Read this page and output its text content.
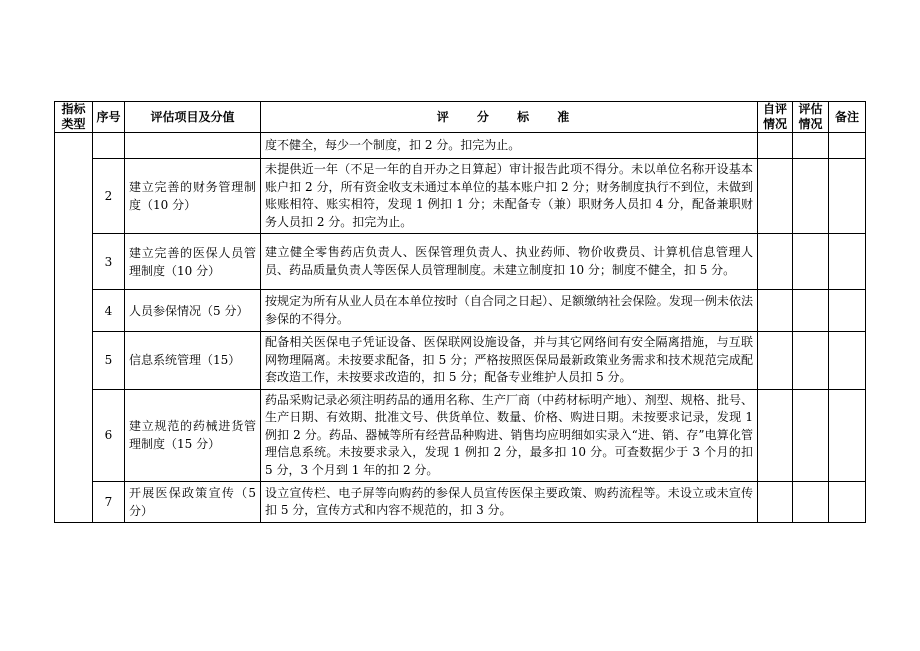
指标类型	序号	评估项目及分值	评 分 标 准	自评情况	评估情况	备注
			度不健全，每少一个制度，扣 2 分。扣完为止。			
	2	建立完善的财务管理制度（10 分）	未提供近一年（不足一年的自开办之日算起）审计报告此项不得分。未以单位名称开设基本账户扣 2 分，所有资金收支未通过本单位的基本账户扣 2 分；财务制度执行不到位，未做到账账相符、账实相符，发现 1 例扣 1 分；未配备专（兼）职财务人员扣 4 分，配备兼职财务人员扣 2 分。扣完为止。			
	3	建立完善的医保人员管理制度（10 分）	建立健全零售药店负责人、医保管理负责人、执业药师、物价收费员、计算机信息管理人员、药品质量负责人等医保人员管理制度。未建立制度扣 10 分；制度不健全，扣 5 分。			
	4	人员参保情况（5 分）	按规定为所有从业人员在本单位按时（自合同之日起）、足额缴纳社会保险。发现一例未依法参保的不得分。			
	5	信息系统管理（15）	配备相关医保电子凭证设备、医保联网设施设备，并与其它网络间有安全隔离措施，与互联网物理隔离。未按要求配备，扣 5 分；严格按照医保局最新政策业务需求和技术规范完成配套改造工作，未按要求改造的，扣 5 分；配备专业维护人员扣 5 分。			
	6	建立规范的药械进货管理制度（15 分）	药品采购记录必须注明药品的通用名称、生产厂商（中药材标明产地）、剂型、规格、批号、生产日期、有效期、批准文号、供货单位、数量、价格、购进日期。未按要求记录，发现 1 例扣 2 分。药品、器械等所有经营品种购进、销售均应明细如实录入“进、销、存”电算化管理信息系统。未按要求录入，发现 1 例扣 2 分，最多扣 10 分。可查数据少于 3 个月的扣 5 分，3 个月到 1 年的扣 2 分。			
	7	开展医保政策宣传（5 分）	设立宣传栏、电子屏等向购药的参保人员宣传医保主要政策、购药流程等。未设立或未宣传扣 5 分，宣传方式和内容不规范的，扣 3 分。			
